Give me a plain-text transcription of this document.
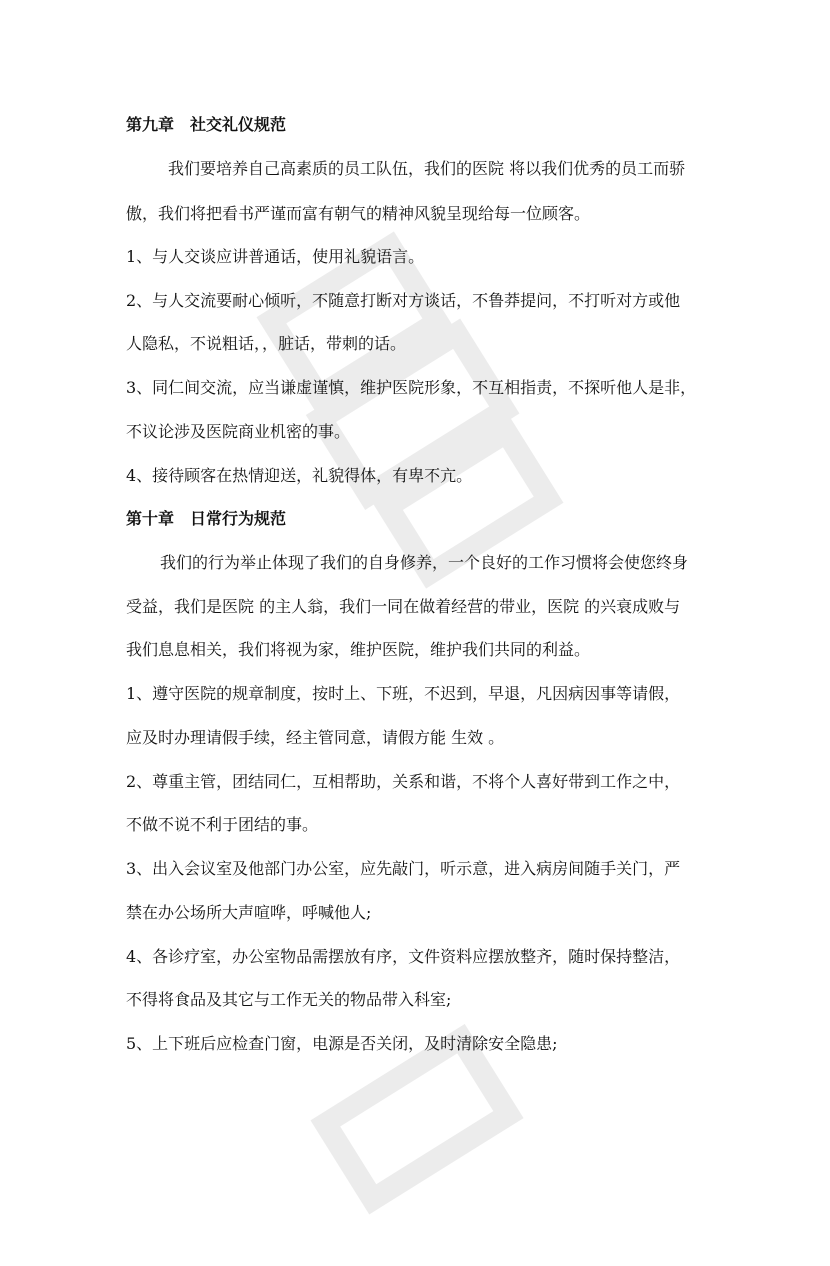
第九章　社交礼仪规范
我们要培养自己高素质的员工队伍，我们的医院 将以我们优秀的员工而骄
傲，我们将把看书严谨而富有朝气的精神风貌呈现给每一位顾客。
1、与人交谈应讲普通话，使用礼貌语言。
2、与人交流要耐心倾听，不随意打断对方谈话，不鲁莽提问，不打听对方或他
人隐私，不说粗话，，脏话，带刺的话。
3、同仁间交流，应当谦虚谨慎，维护医院形象，不互相指责，不探听他人是非，
不议论涉及医院商业机密的事。
4、接待顾客在热情迎送，礼貌得体，有卑不亢。
第十章　日常行为规范
我们的行为举止体现了我们的自身修养，一个良好的工作习惯将会使您终身
受益，我们是医院 的主人翁，我们一同在做着经营的带业，医院 的兴衰成败与
我们息息相关，我们将视为家，维护医院，维护我们共同的利益。
1、遵守医院的规章制度，按时上、下班，不迟到，早退，凡因病因事等请假，
应及时办理请假手续，经主管同意，请假方能 生效 。
2、尊重主管，团结同仁，互相帮助，关系和谐，不将个人喜好带到工作之中，
不做不说不利于团结的事。
3、出入会议室及他部门办公室，应先敲门，听示意，进入病房间随手关门，严
禁在办公场所大声喧哗，呼喊他人;
4、各诊疗室，办公室物品需摆放有序，文件资料应摆放整齐，随时保持整洁，
不得将食品及其它与工作无关的物品带入科室;
5、上下班后应检查门窗，电源是否关闭，及时清除安全隐患;
